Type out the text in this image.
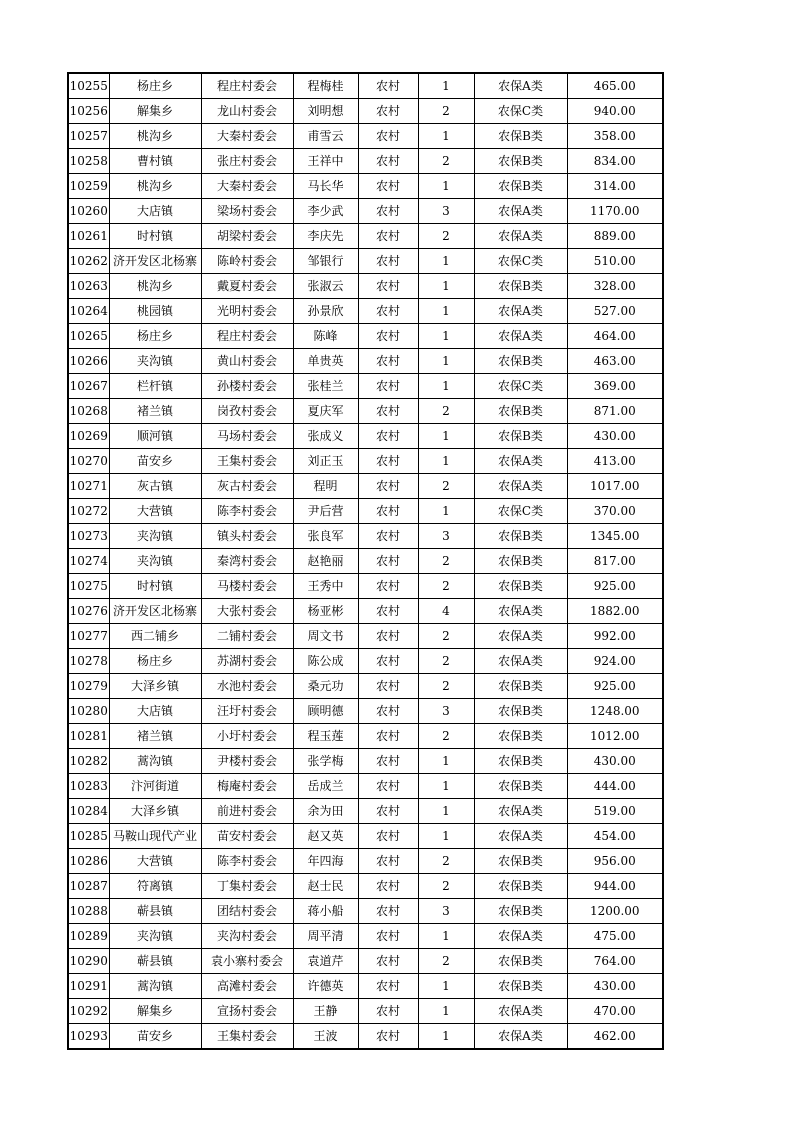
10255	杨庄乡	程庄村委会	程梅桂	农村	1	农保A类	465.00
10256	解集乡	龙山村委会	刘明想	农村	2	农保C类	940.00
10257	桃沟乡	大秦村委会	甫雪云	农村	1	农保B类	358.00
10258	曹村镇	张庄村委会	王祥中	农村	2	农保B类	834.00
10259	桃沟乡	大秦村委会	马长华	农村	1	农保B类	314.00
10260	大店镇	梁场村委会	李少武	农村	3	农保A类	1170.00
10261	时村镇	胡梁村委会	李庆先	农村	2	农保A类	889.00
10262	济开发区北杨寨	陈岭村委会	邹银行	农村	1	农保C类	510.00
10263	桃沟乡	戴夏村委会	张淑云	农村	1	农保B类	328.00
10264	桃园镇	光明村委会	孙景欣	农村	1	农保A类	527.00
10265	杨庄乡	程庄村委会	陈峰	农村	1	农保A类	464.00
10266	夹沟镇	黄山村委会	单贵英	农村	1	农保B类	463.00
10267	栏杆镇	孙楼村委会	张桂兰	农村	1	农保C类	369.00
10268	褚兰镇	岗孜村委会	夏庆军	农村	2	农保B类	871.00
10269	顺河镇	马场村委会	张成义	农村	1	农保B类	430.00
10270	苗安乡	王集村委会	刘正玉	农村	1	农保A类	413.00
10271	灰古镇	灰古村委会	程明	农村	2	农保A类	1017.00
10272	大营镇	陈李村委会	尹后营	农村	1	农保C类	370.00
10273	夹沟镇	镇头村委会	张良军	农村	3	农保B类	1345.00
10274	夹沟镇	秦湾村委会	赵艳丽	农村	2	农保B类	817.00
10275	时村镇	马楼村委会	王秀中	农村	2	农保B类	925.00
10276	济开发区北杨寨	大张村委会	杨亚彬	农村	4	农保A类	1882.00
10277	西二铺乡	二铺村委会	周文书	农村	2	农保A类	992.00
10278	杨庄乡	苏湖村委会	陈公成	农村	2	农保A类	924.00
10279	大泽乡镇	水池村委会	桑元功	农村	2	农保B类	925.00
10280	大店镇	汪圩村委会	顾明德	农村	3	农保B类	1248.00
10281	褚兰镇	小圩村委会	程玉莲	农村	2	农保B类	1012.00
10282	蒿沟镇	尹楼村委会	张学梅	农村	1	农保B类	430.00
10283	汴河街道	梅庵村委会	岳成兰	农村	1	农保B类	444.00
10284	大泽乡镇	前进村委会	余为田	农村	1	农保A类	519.00
10285	马鞍山现代产业	苗安村委会	赵又英	农村	1	农保A类	454.00
10286	大营镇	陈李村委会	年四海	农村	2	农保B类	956.00
10287	符离镇	丁集村委会	赵士民	农村	2	农保B类	944.00
10288	蕲县镇	团结村委会	蒋小船	农村	3	农保B类	1200.00
10289	夹沟镇	夹沟村委会	周平清	农村	1	农保A类	475.00
10290	蕲县镇	袁小寨村委会	袁道芹	农村	2	农保B类	764.00
10291	蒿沟镇	高滩村委会	许德英	农村	1	农保B类	430.00
10292	解集乡	宣扬村委会	王静	农村	1	农保A类	470.00
10293	苗安乡	王集村委会	王波	农村	1	农保A类	462.00
